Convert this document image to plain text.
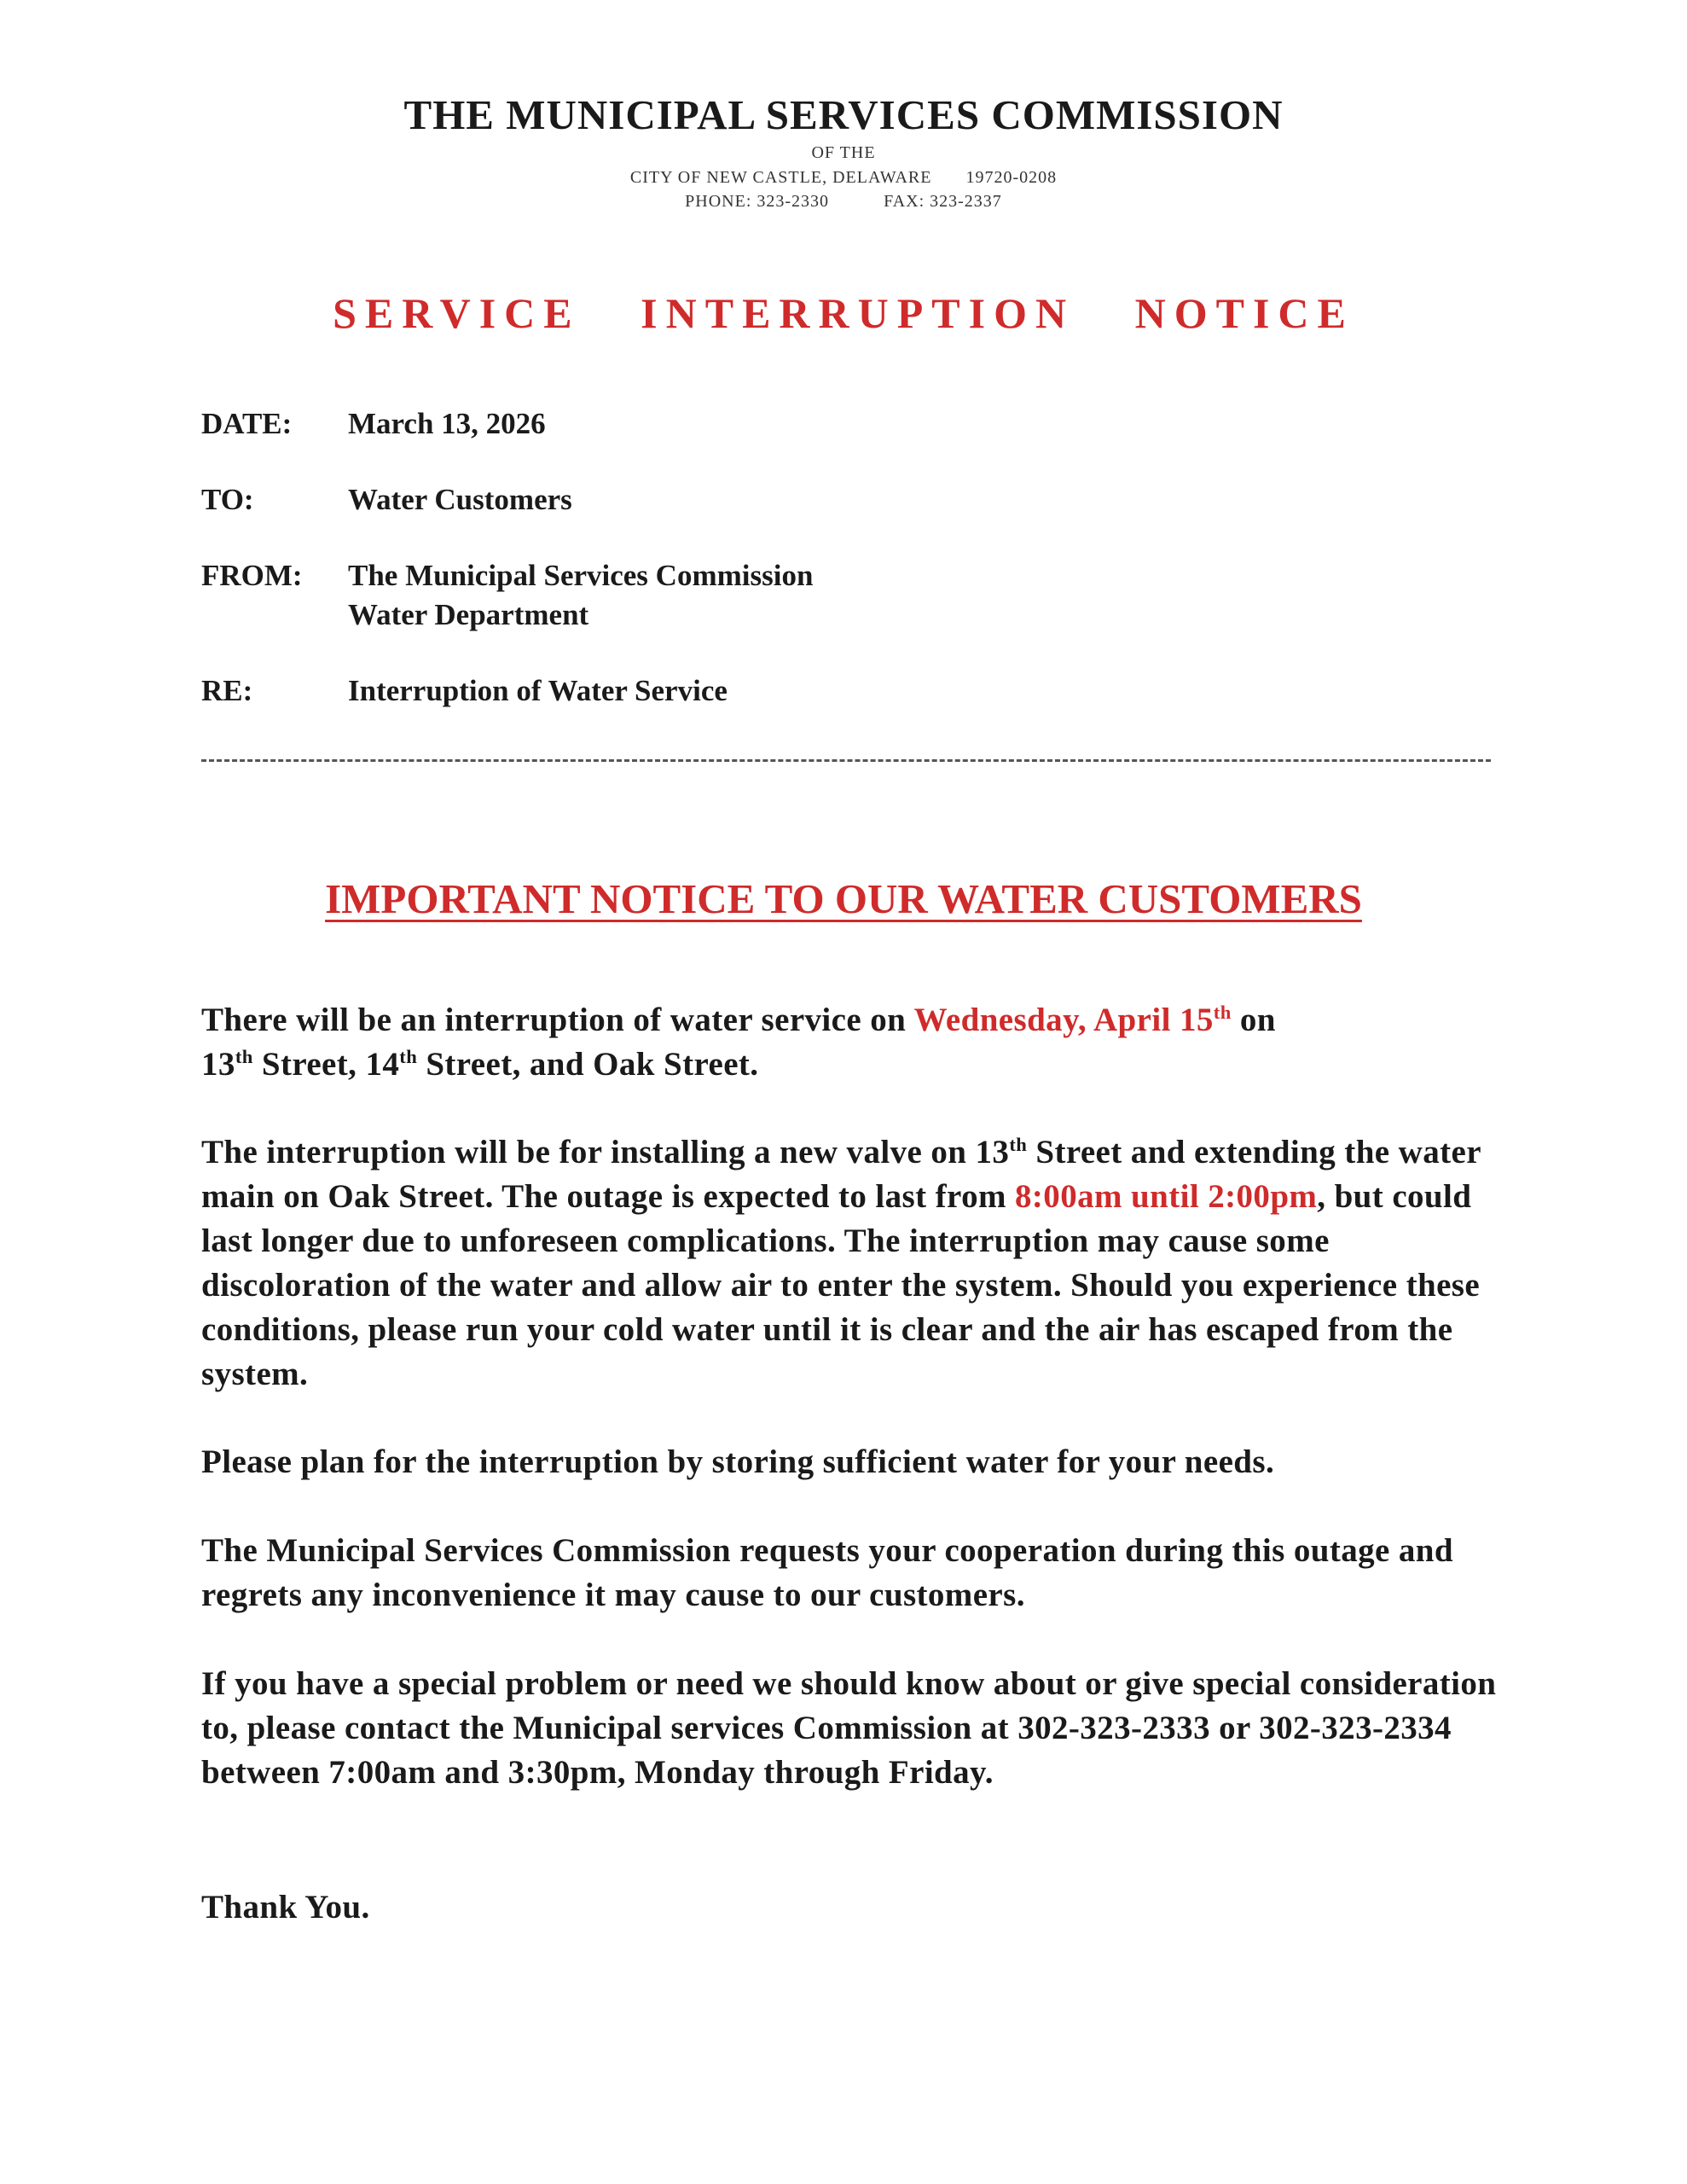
THE MUNICIPAL SERVICES COMMISSION
OF THE
CITY OF NEW CASTLE, DELAWARE 19720-0208
PHONE: 323-2330	FAX: 323-2337
SERVICE INTERRUPTION NOTICE
DATE: March 13, 2026
TO:	Water Customers
FROM: The Municipal Services Commission
Water Department
RE:	Interruption of Water Service
IMPORTANT NOTICE TO OUR WATER CUSTOMERS

There will be an interruption of water service on Wednesday, April 15th on
13th Street, 14th Street, and Oak Street.

The interruption will be for installing a new valve on 13th Street and extending the water main on Oak Street. The outage is expected to last from 8:00am until 2:00pm, but could last longer due to unforeseen complications. The interruption may cause some discoloration of the water and allow air to enter the system. Should you experience these conditions, please run your cold water until it is clear and the air has escaped from the system.

Please plan for the interruption by storing sufficient water for your needs.

The Municipal Services Commission requests your cooperation during this outage and regrets any inconvenience it may cause to our customers.

If you have a special problem or need we should know about or give special consideration to, please contact the Municipal services Commission at 302-323-2333 or 302-323-2334 between 7:00am and 3:30pm, Monday through Friday.

Thank You.
